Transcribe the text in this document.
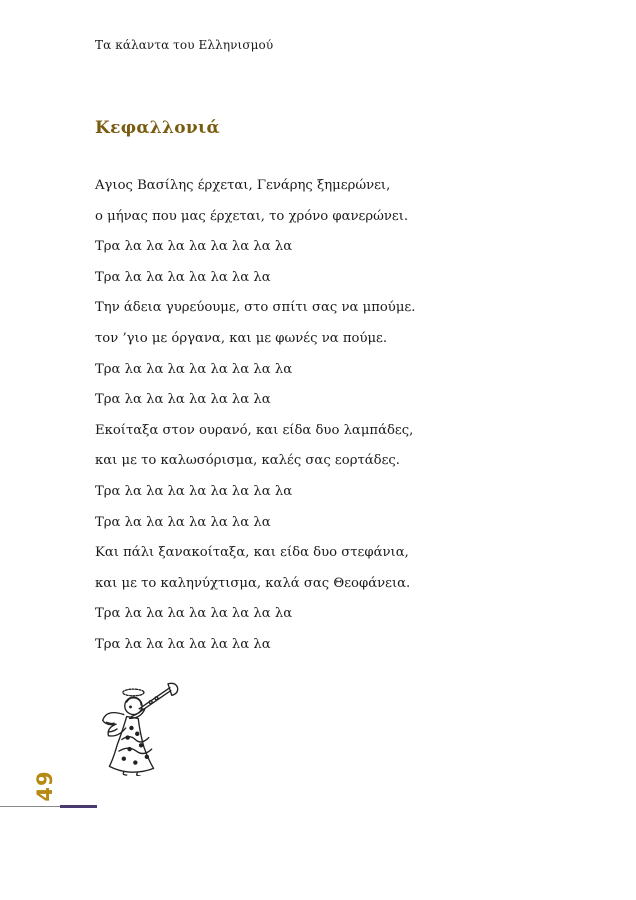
Τα κάλαντα του Ελληνισμού
Κεφαλλονιά
Αγιος Βασίλης έρχεται, Γενάρης ξημερώνει,
ο μήνας που μας έρχεται, το χρόνο φανερώνει.
Τρα λα λα λα λα λα λα λα λα
Τρα λα λα λα λα λα λα λα
Την άδεια γυρεύουμε, στο σπίτι σας να μπούμε.
τον ’γιο με όργανα, και με φωνές να πούμε.
Τρα λα λα λα λα λα λα λα λα
Τρα λα λα λα λα λα λα λα
Εκοίταξα στον ουρανό, και είδα δυο λαμπάδες,
και με το καλωσόρισμα, καλές σας εορτάδες.
Τρα λα λα λα λα λα λα λα λα
Τρα λα λα λα λα λα λα λα
Και πάλι ξανακοίταξα, και είδα δυο στεφάνια,
και με το καληνύχτισμα, καλά σας Θεοφάνεια.
Τρα λα λα λα λα λα λα λα λα
Τρα λα λα λα λα λα λα λα
49
